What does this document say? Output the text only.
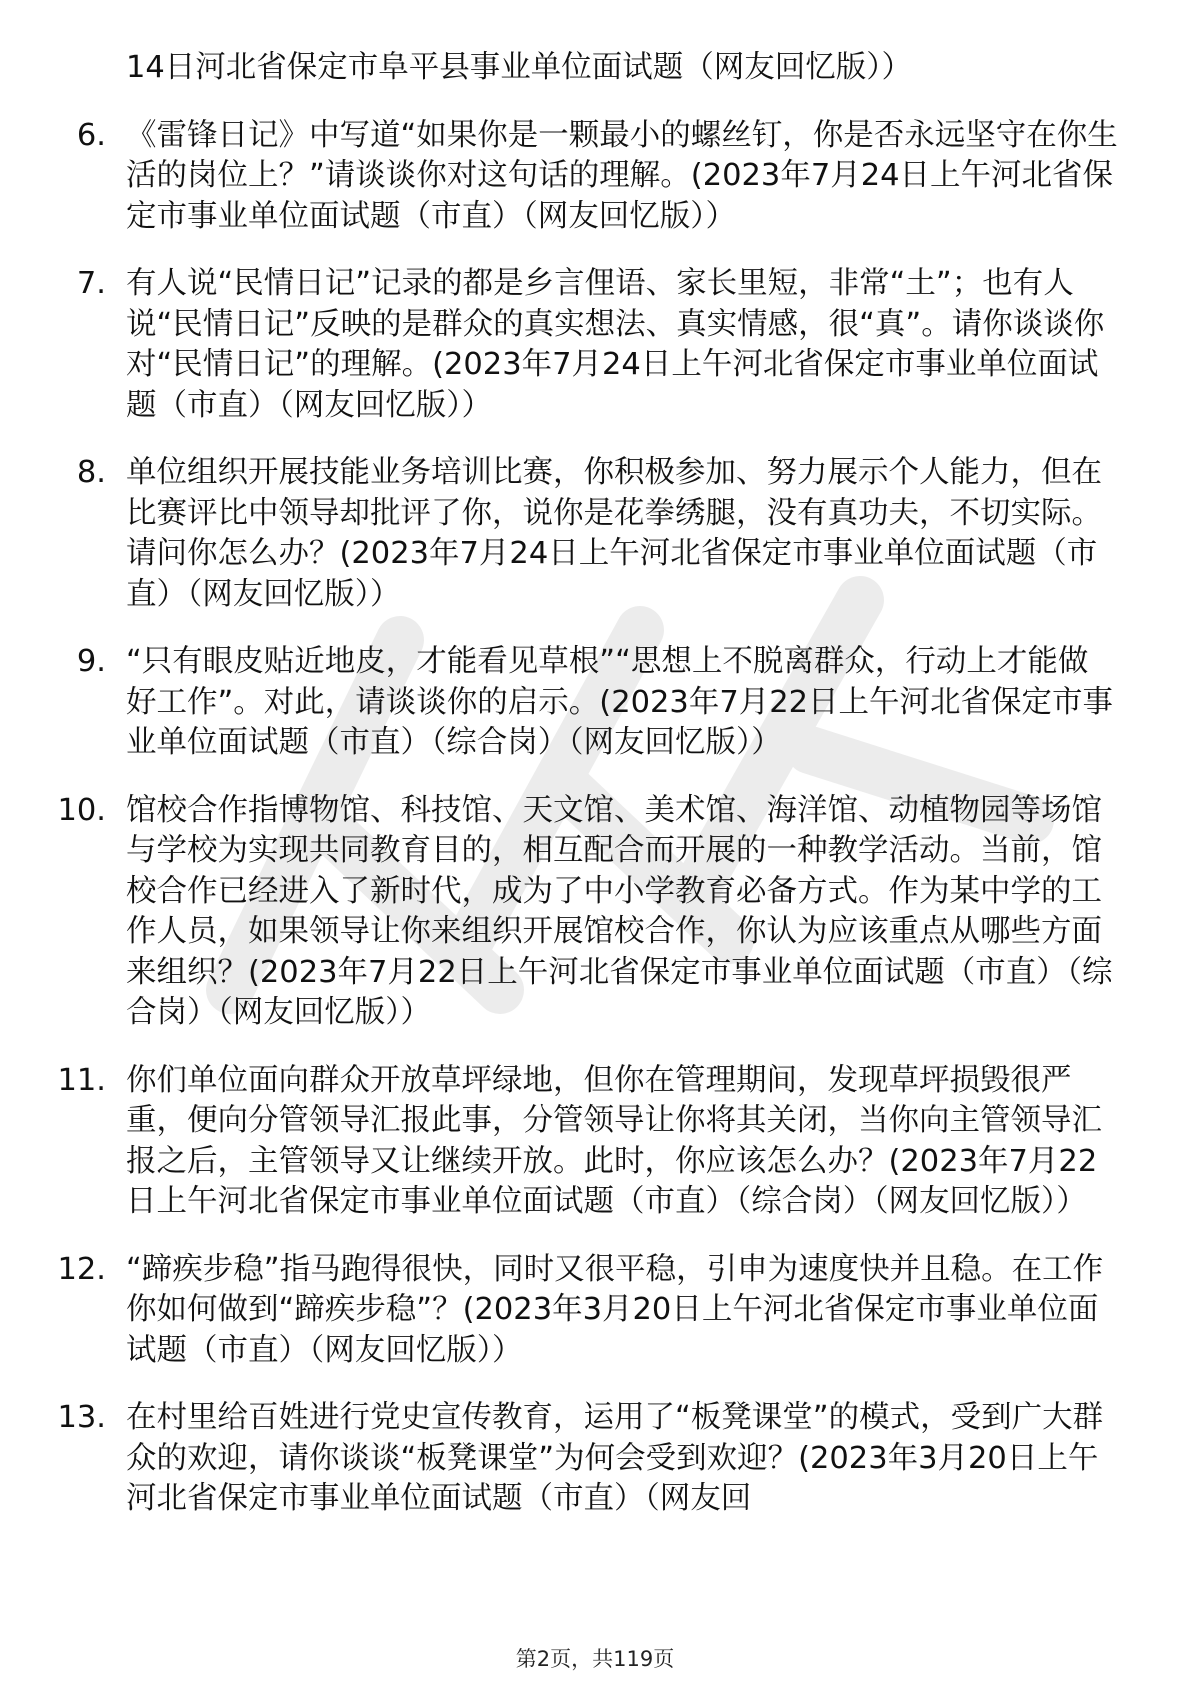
14日河北省保定市阜平县事业单位面试题（网友回忆版））
6. 《雷锋日记》中写道“如果你是一颗最小的螺丝钉，你是否永远坚守在你生活的岗位上？”请谈谈你对这句话的理解。(2023年7月24日上午河北省保定市事业单位面试题（市直）（网友回忆版））
7. 有人说“民情日记”记录的都是乡言俚语、家长里短，非常“土”；也有人说“民情日记”反映的是群众的真实想法、真实情感，很“真”。请你谈谈你对“民情日记”的理解。(2023年7月24日上午河北省保定市事业单位面试题（市直）（网友回忆版））
8. 单位组织开展技能业务培训比赛，你积极参加、努力展示个人能力，但在比赛评比中领导却批评了你，说你是花拳绣腿，没有真功夫，不切实际。请问你怎么办？(2023年7月24日上午河北省保定市事业单位面试题（市直）（网友回忆版））
9. “只有眼皮贴近地皮，才能看见草根”“思想上不脱离群众，行动上才能做好工作”。对此，请谈谈你的启示。(2023年7月22日上午河北省保定市事业单位面试题（市直）（综合岗）（网友回忆版））
10. 馆校合作指博物馆、科技馆、天文馆、美术馆、海洋馆、动植物园等场馆与学校为实现共同教育目的，相互配合而开展的一种教学活动。当前，馆校合作已经进入了新时代，成为了中小学教育必备方式。作为某中学的工作人员，如果领导让你来组织开展馆校合作，你认为应该重点从哪些方面来组织？(2023年7月22日上午河北省保定市事业单位面试题（市直）（综合岗）（网友回忆版））
11. 你们单位面向群众开放草坪绿地，但你在管理期间，发现草坪损毁很严重，便向分管领导汇报此事，分管领导让你将其关闭，当你向主管领导汇报之后，主管领导又让继续开放。此时，你应该怎么办？(2023年7月22日上午河北省保定市事业单位面试题（市直）（综合岗）（网友回忆版））
12. “蹄疾步稳”指马跑得很快，同时又很平稳，引申为速度快并且稳。在工作你如何做到“蹄疾步稳”？(2023年3月20日上午河北省保定市事业单位面试题（市直）（网友回忆版））
13. 在村里给百姓进行党史宣传教育，运用了“板凳课堂”的模式，受到广大群众的欢迎，请你谈谈“板凳课堂”为何会受到欢迎？(2023年3月20日上午河北省保定市事业单位面试题（市直）（网友回
第2页，共119页
